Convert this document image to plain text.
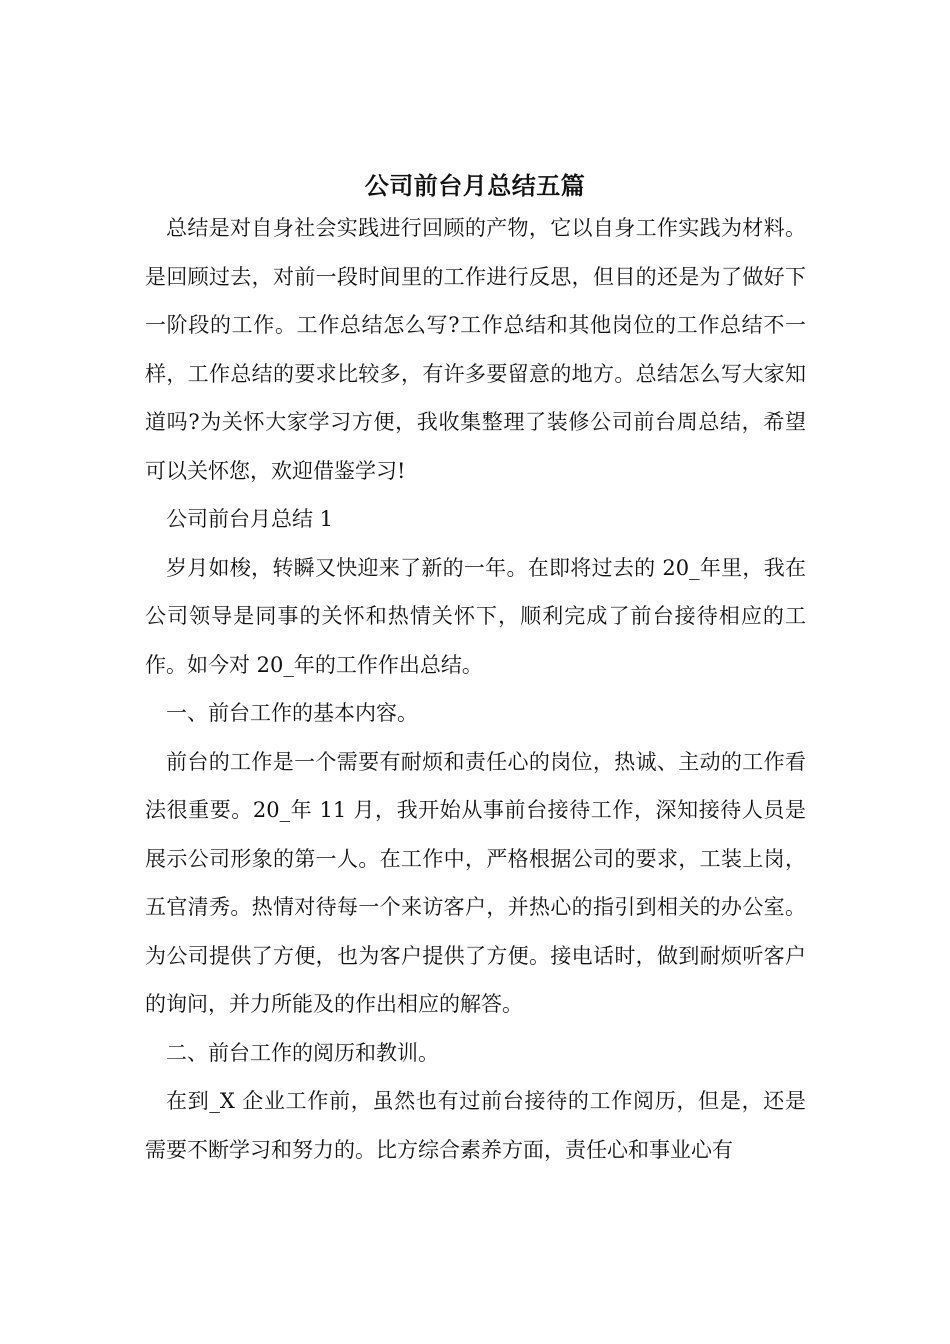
公司前台月总结五篇

总结是对自身社会实践进行回顾的产物，它以自身工作实践为材料。是回顾过去，对前一段时间里的工作进行反思，但目的还是为了做好下一阶段的工作。工作总结怎么写?工作总结和其他岗位的工作总结不一样，工作总结的要求比较多，有许多要留意的地方。总结怎么写大家知道吗?为关怀大家学习方便，我收集整理了装修公司前台周总结，希望可以关怀您，欢迎借鉴学习!

公司前台月总结 1

岁月如梭，转瞬又快迎来了新的一年。在即将过去的 20_年里，我在公司领导是同事的关怀和热情关怀下，顺利完成了前台接待相应的工作。如今对 20_年的工作作出总结。

一、前台工作的基本内容。

前台的工作是一个需要有耐烦和责任心的岗位，热诚、主动的工作看法很重要。20_年 11 月，我开始从事前台接待工作，深知接待人员是展示公司形象的第一人。在工作中，严格根据公司的要求，工装上岗，五官清秀。热情对待每一个来访客户，并热心的指引到相关的办公室。为公司提供了方便，也为客户提供了方便。接电话时，做到耐烦听客户的询问，并力所能及的作出相应的解答。

二、前台工作的阅历和教训。

在到_X 企业工作前，虽然也有过前台接待的工作阅历，但是，还是需要不断学习和努力的。比方综合素养方面，责任心和事业心有
